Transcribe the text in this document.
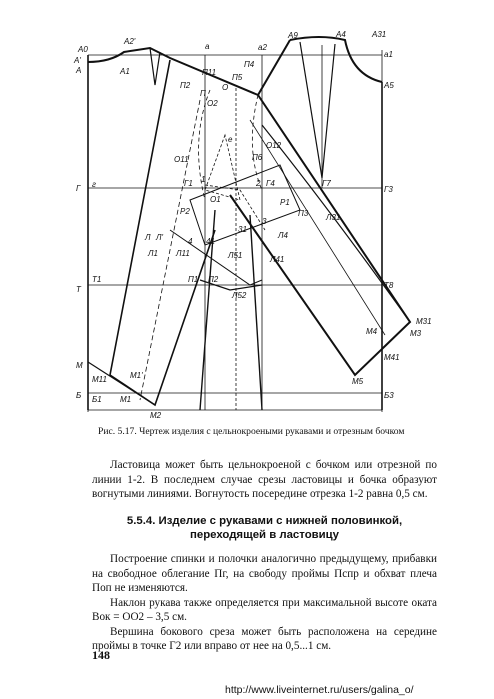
A0
A'
A	A1
A2'
a	a2
A9	A4	A31
a1
A5
П11
П4
П2
П
П5
O
O2
e
O12
O11	П6
Г г	Г1 1	2 Г4	Г7
Г3
O1	P1
P2	П3 Л31
3
31
Л Л'	4 41
Л1
Л4
Л11	Л51	Л41
Т
Т1	П1 П2
Т8
Л52
М31
М3
М4
М
М41
М11	М1'
М5
Б Б1 М1
М2
Б3
Рис. 5.17. Чертеж изделия с цельнокроеными рукавами и отрезным бочком
Ластовица может быть цельнокроеной с бочком или отрезной по линии 1-2. В последнем случае срезы ластовицы и бочка образуют вогнутыми линиями. Вогнутость посередине отрезка 1-2 равна 0,5 см.
5.5.4. Изделие с рукавами с нижней половинкой, переходящей в ластовицу

Построение спинки и полочки аналогично предыдущему, прибавки на свободное облегание Пг, на свободу проймы Пспр и обхват плеча Поп не изменяются.

Наклон рукава также определяется при максимальной высоте оката Вок = ОО2 – 3,5 см.

Вершина бокового среза может быть расположена на середине проймы в точке Г2 или вправо от нее на 0,5...1 см.

148
http://www.liveinternet.ru/users/galina_o/
